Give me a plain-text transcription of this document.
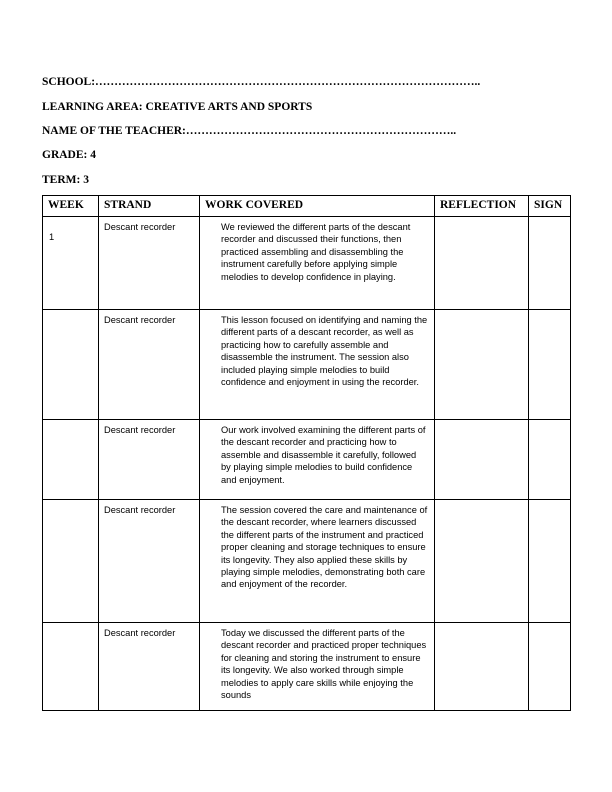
SCHOOL:………………………………………………………………………………………..
LEARNING AREA: CREATIVE ARTS AND SPORTS
NAME OF THE TEACHER:……………………………………………………………..
GRADE: 4
TERM: 3
WEEK	STRAND	WORK COVERED	REFLECTION	SIGN

1	Descant recorder	We reviewed the different parts of the descant recorder and discussed their functions, then practiced assembling and disassembling the instrument carefully before applying simple melodies to develop confidence in playing.		

	Descant recorder	This lesson focused on identifying and naming the different parts of a descant recorder, as well as practicing how to carefully assemble and disassemble the instrument. The session also included playing simple melodies to build confidence and enjoyment in using the recorder.		

	Descant recorder	Our work involved examining the different parts of the descant recorder and practicing how to assemble and disassemble it carefully, followed by playing simple melodies to build confidence and enjoyment.		

	Descant recorder	The session covered the care and maintenance of the descant recorder, where learners discussed the different parts of the instrument and practiced proper cleaning and storage techniques to ensure its longevity. They also applied these skills by playing simple melodies, demonstrating both care and enjoyment of the recorder.		

	Descant recorder	Today we discussed the different parts of the descant recorder and practiced proper techniques for cleaning and storing the instrument to ensure its longevity. We also worked through simple melodies to apply care skills while enjoying the sounds		
